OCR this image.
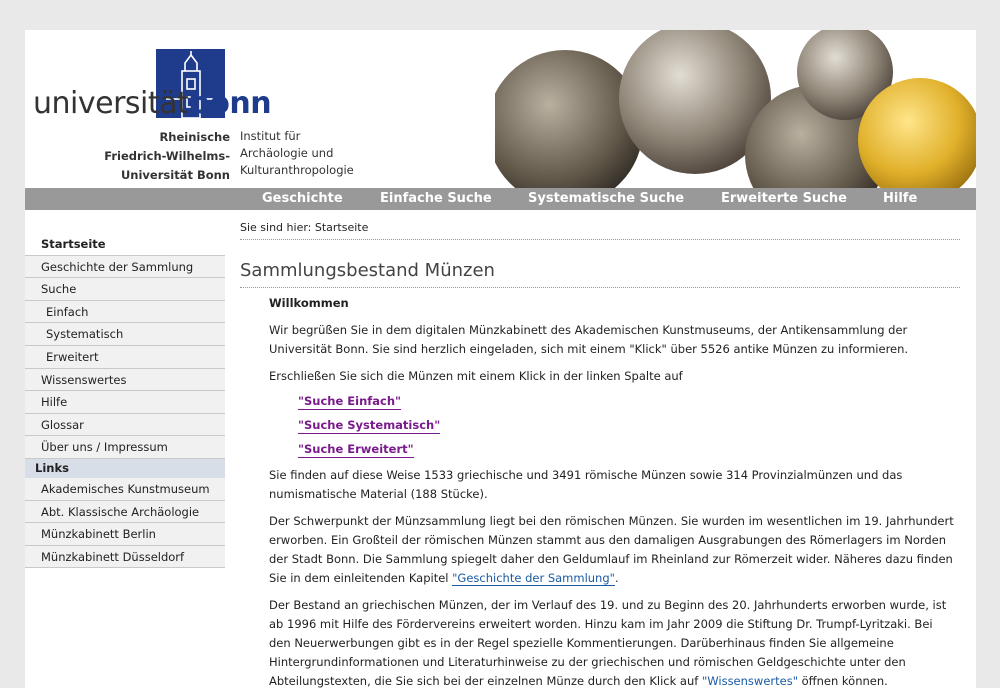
universitätbonn
Rheinische
Friedrich-Wilhelms-
Universität Bonn
Institut für
Archäologie und
Kulturanthropologie
Geschichte	Einfache Suche	Systematische Suche	Erweiterte Suche	Hilfe
Startseite
Geschichte der Sammlung
Suche
Einfach
Systematisch
Erweitert
Wissenswertes
Hilfe
Glossar
Über uns / Impressum
Links
Akademisches Kunstmuseum
Abt. Klassische Archäologie
Münzkabinett Berlin
Münzkabinett Düsseldorf
Sie sind hier: Startseite
Sammlungsbestand Münzen
Willkommen

Wir begrüßen Sie in dem digitalen Münzkabinett des Akademischen Kunstmuseums, der Antikensammlung der Universität Bonn. Sie sind herzlich eingeladen, sich mit einem "Klick" über 5526 antike Münzen zu informieren.

Erschließen Sie sich die Münzen mit einem Klick in der linken Spalte auf

"Suche Einfach"
"Suche Systematisch"
"Suche Erweitert"

Sie finden auf diese Weise 1533 griechische und 3491 römische Münzen sowie 314 Provinzialmünzen und das numismatische Material (188 Stücke).

Der Schwerpunkt der Münzsammlung liegt bei den römischen Münzen. Sie wurden im wesentlichen im 19. Jahrhundert erworben. Ein Großteil der römischen Münzen stammt aus den damaligen Ausgrabungen des Römerlagers im Norden der Stadt Bonn. Die Sammlung spiegelt daher den Geldumlauf im Rheinland zur Römerzeit wider. Näheres dazu finden Sie in dem einleitenden Kapitel "Geschichte der Sammlung".

Der Bestand an griechischen Münzen, der im Verlauf des 19. und zu Beginn des 20. Jahrhunderts erworben wurde, ist ab 1996 mit Hilfe des Fördervereins erweitert worden. Hinzu kam im Jahr 2009 die Stiftung Dr. Trumpf-Lyritzaki. Bei den Neuerwerbungen gibt es in der Regel spezielle Kommentierungen. Darüberhinaus finden Sie allgemeine Hintergrundinformationen und Literaturhinweise zu der griechischen und römischen Geldgeschichte unter den Abteilungstexten, die Sie sich bei der einzelnen Münze durch den Klick auf "Wissenswertes" öffnen können.
